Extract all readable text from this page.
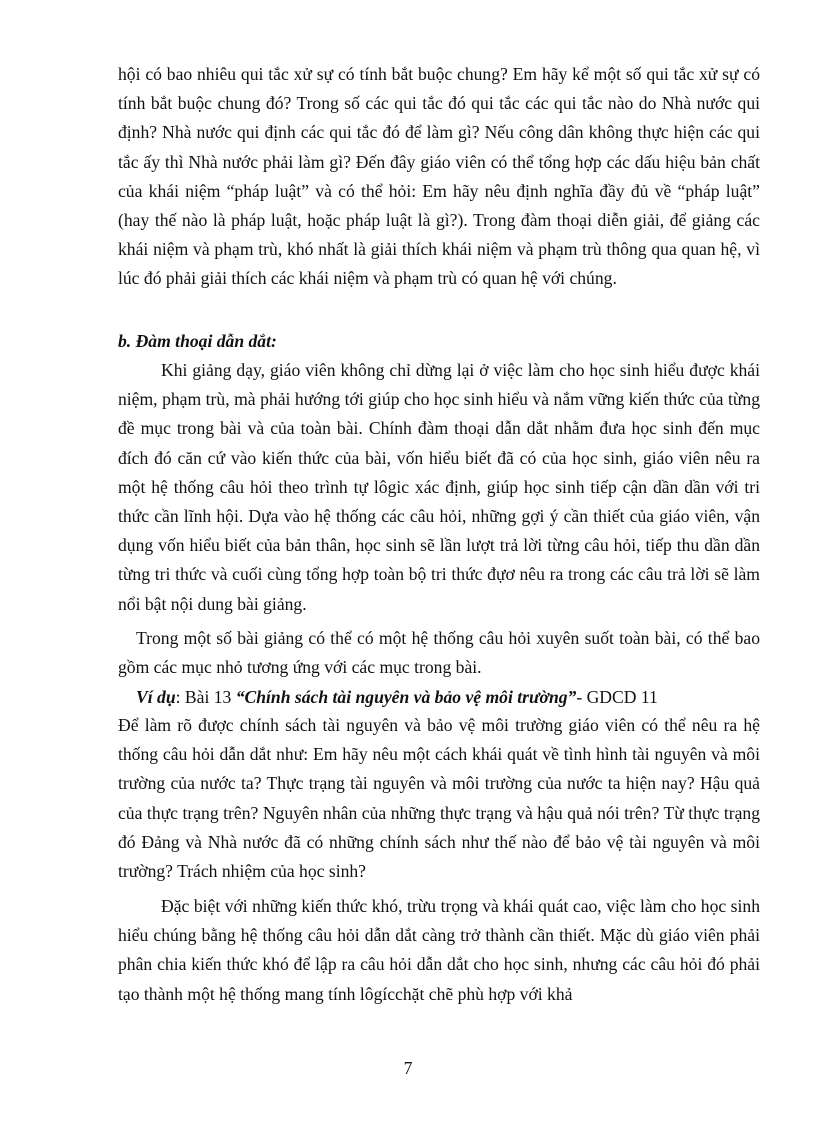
hội có bao nhiêu qui tắc xử sự có tính bắt buộc chung? Em hãy kể một số qui tắc xử sự có tính bắt buộc chung đó? Trong số các qui tắc đó qui tắc các qui tắc nào do Nhà nước qui định? Nhà nước qui định các qui tắc đó để làm gì? Nếu công dân không thực hiện các qui tắc ấy thì Nhà nước phải làm gì? Đến đây giáo viên có thể tổng hợp các dấu hiệu bản chất của khái niệm “pháp luật” và có thể hỏi: Em hãy nêu định nghĩa đầy đủ về “pháp luật” (hay thế nào là pháp luật, hoặc pháp luật là gì?). Trong đàm thoại diễn giải, để giảng các khái niệm và phạm trù, khó nhất là giải thích khái niệm và phạm trù thông qua quan hệ, vì lúc đó phải giải thích các khái niệm và phạm trù có quan hệ với chúng.

b. Đàm thoại dẫn dắt:

Khi giảng dạy, giáo viên không chỉ dừng lại ở việc làm cho học sinh hiểu được khái niệm, phạm trù, mà phải hướng tới giúp cho học sinh hiểu và nắm vững kiến thức của từng đề mục trong bài và của toàn bài. Chính đàm thoại dẫn dắt nhằm đưa học sinh đến mục đích đó căn cứ vào kiến thức của bài, vốn hiểu biết đã có của học sinh, giáo viên nêu ra một hệ thống câu hỏi theo trình tự lôgic xác định, giúp học sinh tiếp cận dần dần với tri thức cần lĩnh hội. Dựa vào hệ thống các câu hỏi, những gợi ý cần thiết của giáo viên, vận dụng vốn hiểu biết của bản thân, học sinh sẽ lần lượt trả lời từng câu hỏi, tiếp thu dần dần từng tri thức và cuối cùng tổng hợp toàn bộ tri thức đựơ nêu ra trong các câu trả lời sẽ làm nổi bật nội dung bài giảng.

Trong một số bài giảng có thể có một hệ thống câu hỏi xuyên suốt toàn bài, có thể bao gồm các mục nhỏ tương ứng với các mục trong bài.

Ví dụ: Bài 13 “Chính sách tài nguyên và bảo vệ môi trường”- GDCD 11

Để làm rõ được chính sách tài nguyên và bảo vệ môi trường giáo viên có thể nêu ra hệ thống câu hỏi dẫn dắt như: Em hãy nêu một cách khái quát về tình hình tài nguyên và môi trường của nước ta? Thực trạng tài nguyên và môi trường của nước ta hiện nay? Hậu quả của thực trạng trên? Nguyên nhân của những thực trạng và hậu quả nói trên? Từ thực trạng đó Đảng và Nhà nước đã có những chính sách như thế nào để bảo vệ tài nguyên và môi trường? Trách nhiệm của học sinh?

Đặc biệt với những kiến thức khó, trừu trọng và khái quát cao, việc làm cho học sinh hiểu chúng bằng hệ thống câu hỏi dẫn dắt càng trở thành cần thiết. Mặc dù giáo viên phải phân chia kiến thức khó để lập ra câu hỏi dẫn dắt cho học sinh, nhưng các câu hỏi đó phải tạo thành một hệ thống mang tính lôgícchặt chẽ phù hợp với khả

7
